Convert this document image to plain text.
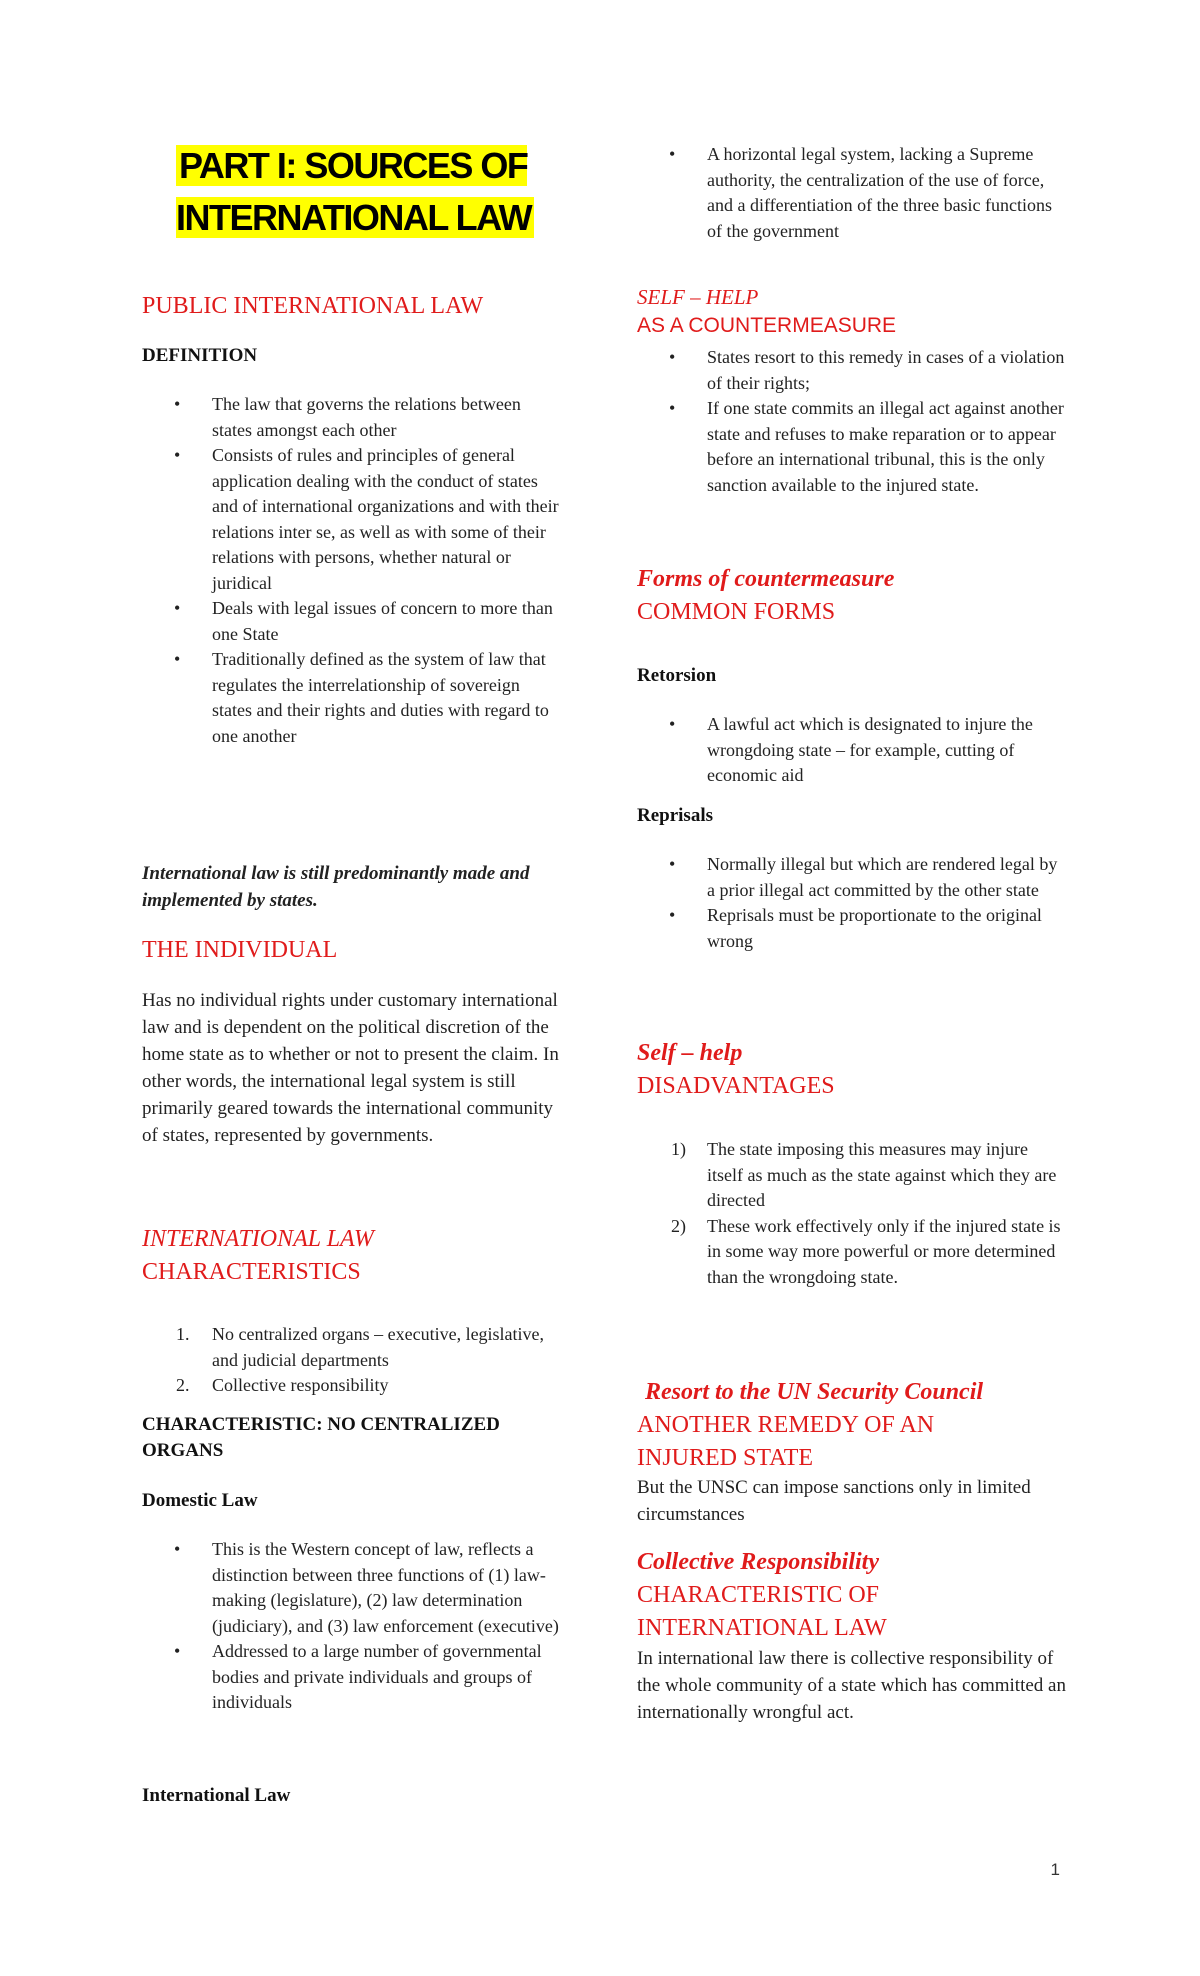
PART I: SOURCES OF INTERNATIONAL LAW
PUBLIC INTERNATIONAL LAW
DEFINITION
• The law that governs the relations between states amongst each other
• Consists of rules and principles of general application dealing with the conduct of states and of international organizations and with their relations inter se, as well as with some of their relations with persons, whether natural or juridical
• Deals with legal issues of concern to more than one State
• Traditionally defined as the system of law that regulates the interrelationship of sovereign states and their rights and duties with regard to one another
International law is still predominantly made and implemented by states.
THE INDIVIDUAL
Has no individual rights under customary international law and is dependent on the political discretion of the home state as to whether or not to present the claim. In other words, the international legal system is still primarily geared towards the international community of states, represented by governments.
INTERNATIONAL LAW
CHARACTERISTICS
1. No centralized organs – executive, legislative, and judicial departments
2. Collective responsibility
CHARACTERISTIC: NO CENTRALIZED ORGANS
Domestic Law
• This is the Western concept of law, reflects a distinction between three functions of (1) law-making (legislature), (2) law determination (judiciary), and (3) law enforcement (executive)
• Addressed to a large number of governmental bodies and private individuals and groups of individuals
International Law
• A horizontal legal system, lacking a Supreme authority, the centralization of the use of force, and a differentiation of the three basic functions of the government
SELF – HELP
AS A COUNTERMEASURE
• States resort to this remedy in cases of a violation of their rights;
• If one state commits an illegal act against another state and refuses to make reparation or to appear before an international tribunal, this is the only sanction available to the injured state.
Forms of countermeasure
COMMON FORMS
Retorsion
• A lawful act which is designated to injure the wrongdoing state – for example, cutting of economic aid
Reprisals
• Normally illegal but which are rendered legal by a prior illegal act committed by the other state
• Reprisals must be proportionate to the original wrong
Self – help
DISADVANTAGES
1) The state imposing this measures may injure itself as much as the state against which they are directed
2) These work effectively only if the injured state is in some way more powerful or more determined than the wrongdoing state.
Resort to the UN Security Council
ANOTHER REMEDY OF AN
INJURED STATE
But the UNSC can impose sanctions only in limited circumstances
Collective Responsibility
CHARACTERISTIC OF
INTERNATIONAL LAW
In international law there is collective responsibility of the whole community of a state which has committed an internationally wrongful act.
1
